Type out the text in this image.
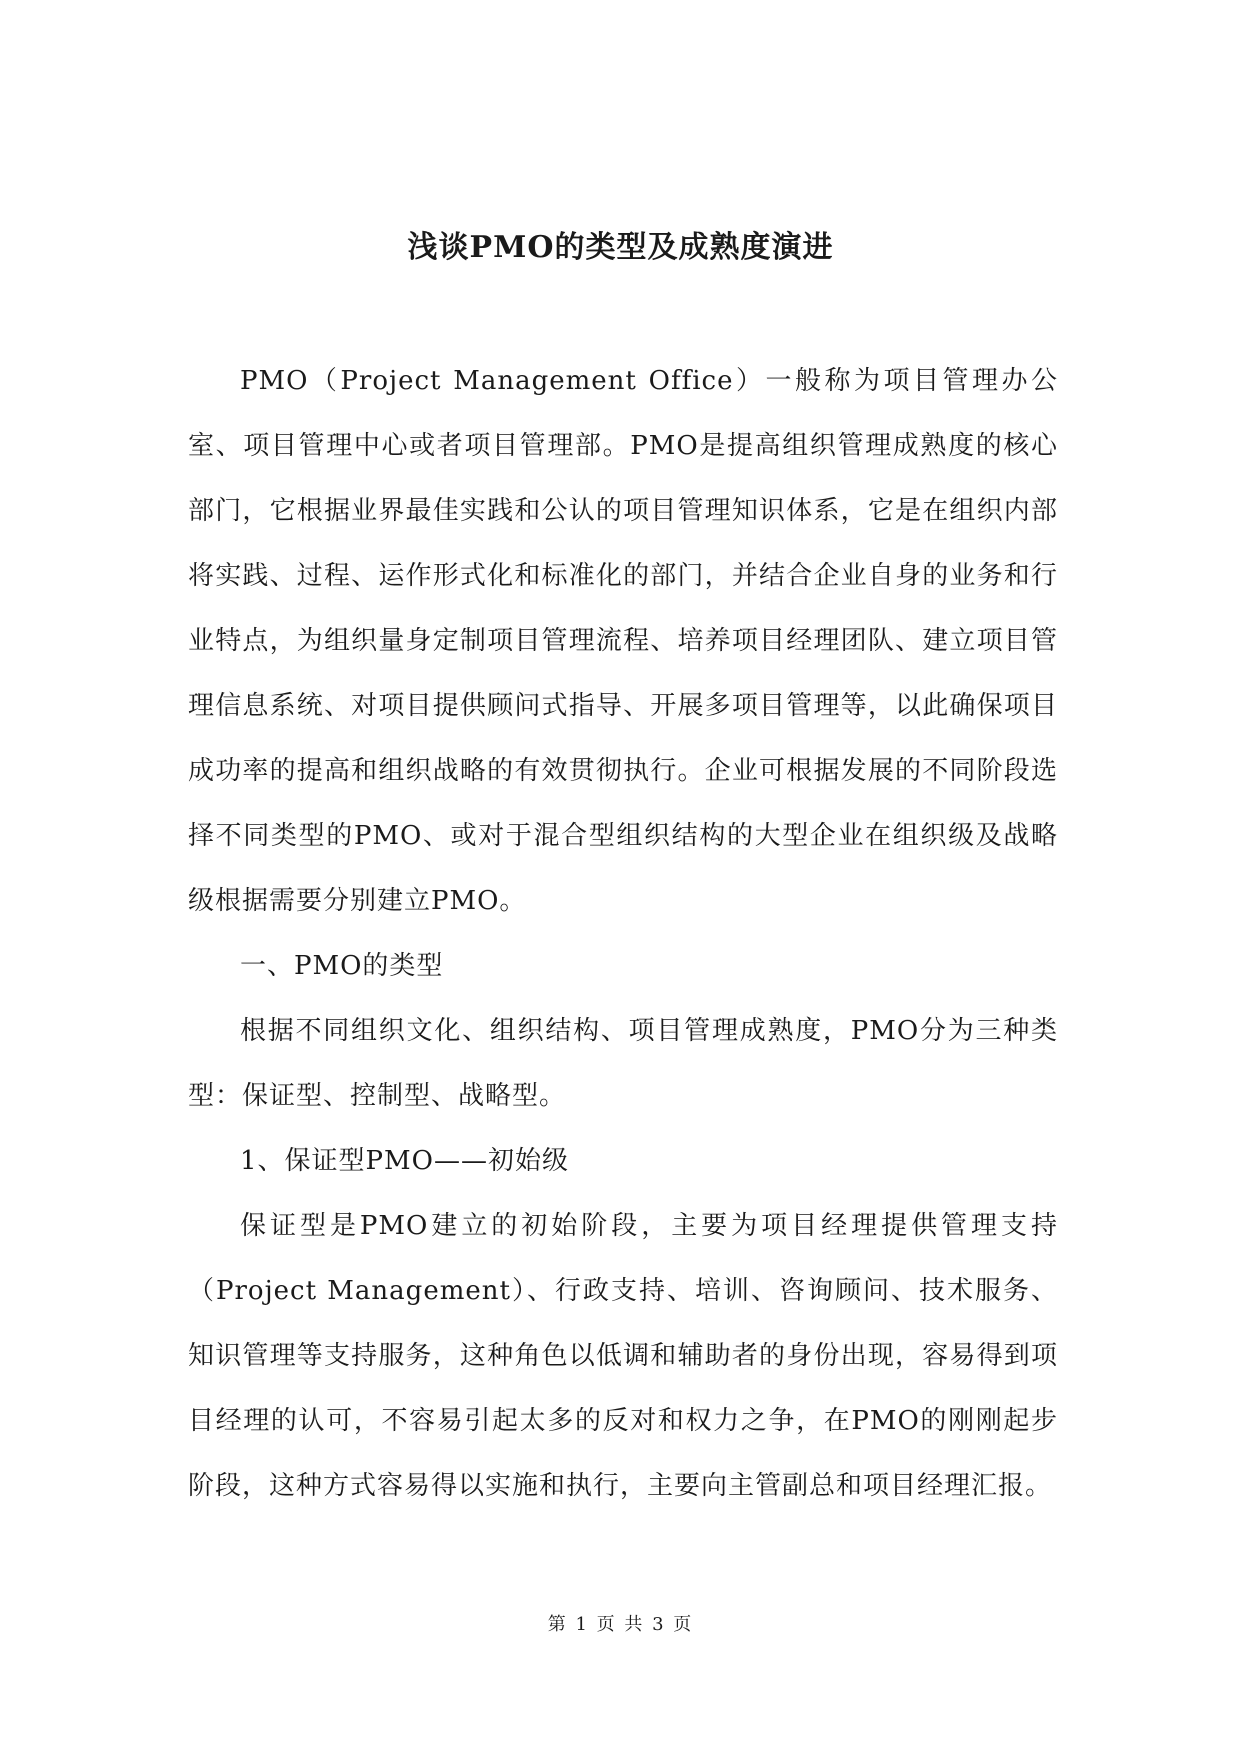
浅谈PMO的类型及成熟度演进

PMO（Project Management Office）一般称为项目管理办公室、项目管理中心或者项目管理部。PMO是提高组织管理成熟度的核心部门，它根据业界最佳实践和公认的项目管理知识体系，它是在组织内部将实践、过程、运作形式化和标准化的部门，并结合企业自身的业务和行业特点，为组织量身定制项目管理流程、培养项目经理团队、建立项目管理信息系统、对项目提供顾问式指导、开展多项目管理等，以此确保项目成功率的提高和组织战略的有效贯彻执行。企业可根据发展的不同阶段选择不同类型的PMO、或对于混合型组织结构的大型企业在组织级及战略级根据需要分别建立PMO。

一、PMO的类型

根据不同组织文化、组织结构、项目管理成熟度，PMO分为三种类型：保证型、控制型、战略型。

1、保证型PMO——初始级

保证型是PMO建立的初始阶段，主要为项目经理提供管理支持（Project Management）、行政支持、培训、咨询顾问、技术服务、知识管理等支持服务，这种角色以低调和辅助者的身份出现，容易得到项目经理的认可，不容易引起太多的反对和权力之争，在PMO的刚刚起步阶段，这种方式容易得以实施和执行，主要向主管副总和项目经理汇报。

第 1 页 共 3 页
